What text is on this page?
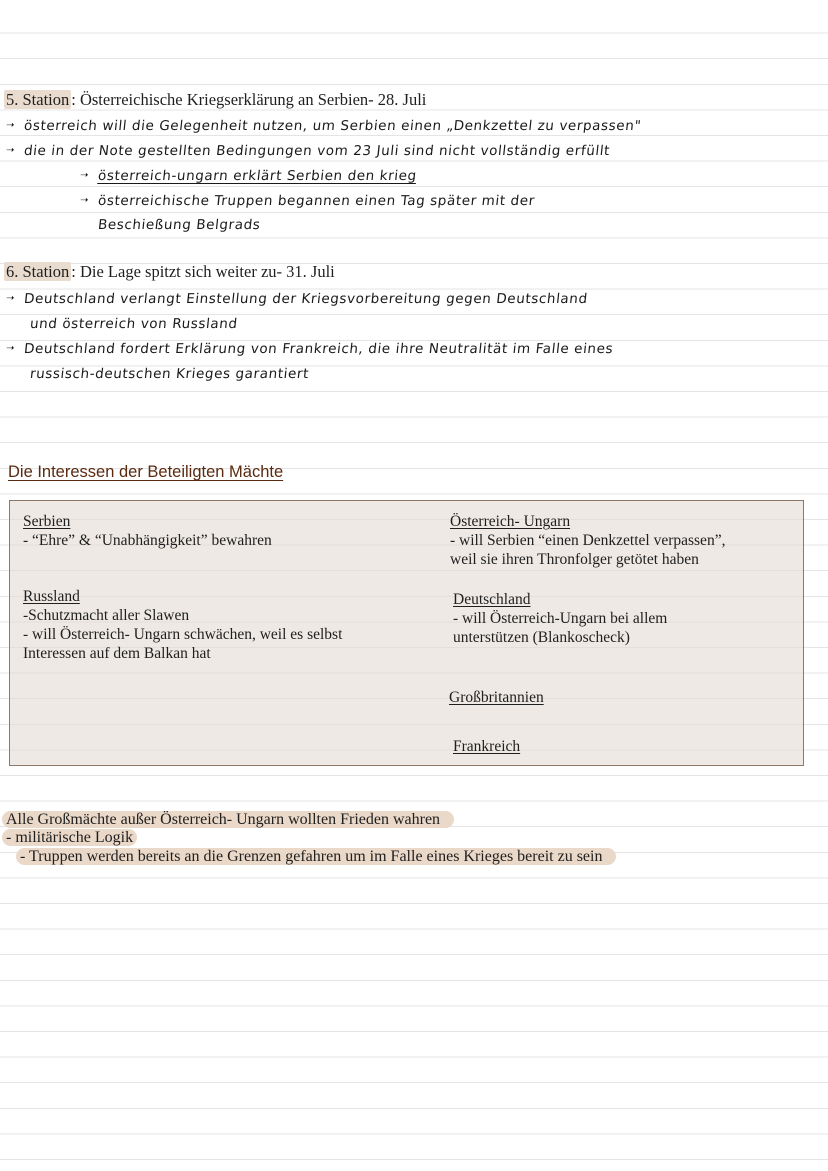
5. Station : Österreichische Kriegserklärung an Serbien- 28. Juli
➝ österreich will die Gelegenheit nutzen, um Serbien einen „Denkzettel zu verpassen"
➝ die in der Note gestellten Bedingungen vom 23 Juli sind nicht vollständig erfüllt
➝ österreich-ungarn erklärt Serbien den krieg
➝ österreichische Truppen begannen einen Tag später mit der
Beschießung Belgrads
6. Station : Die Lage spitzt sich weiter zu- 31. Juli
➝ Deutschland verlangt Einstellung der Kriegsvorbereitung gegen Deutschland
und österreich von Russland
➝ Deutschland fordert Erklärung von Frankreich, die ihre Neutralität im Falle eines
russisch-deutschen Krieges garantiert
Die Interessen der Beteiligten Mächte
Serbien
- “Ehre” & “Unabhängigkeit” bewahren
Österreich- Ungarn
- will Serbien “einen Denkzettel verpassen”,
weil sie ihren Thronfolger getötet haben
Russland
-Schutzmacht aller Slawen
- will Österreich- Ungarn schwächen, weil es selbst
Interessen auf dem Balkan hat
Deutschland
- will Österreich-Ungarn bei allem
unterstützen (Blankoscheck)
Großbritannien
Frankreich
Alle Großmächte außer Österreich- Ungarn wollten Frieden wahren
- militärische Logik
- Truppen werden bereits an die Grenzen gefahren um im Falle eines Krieges bereit zu sein
